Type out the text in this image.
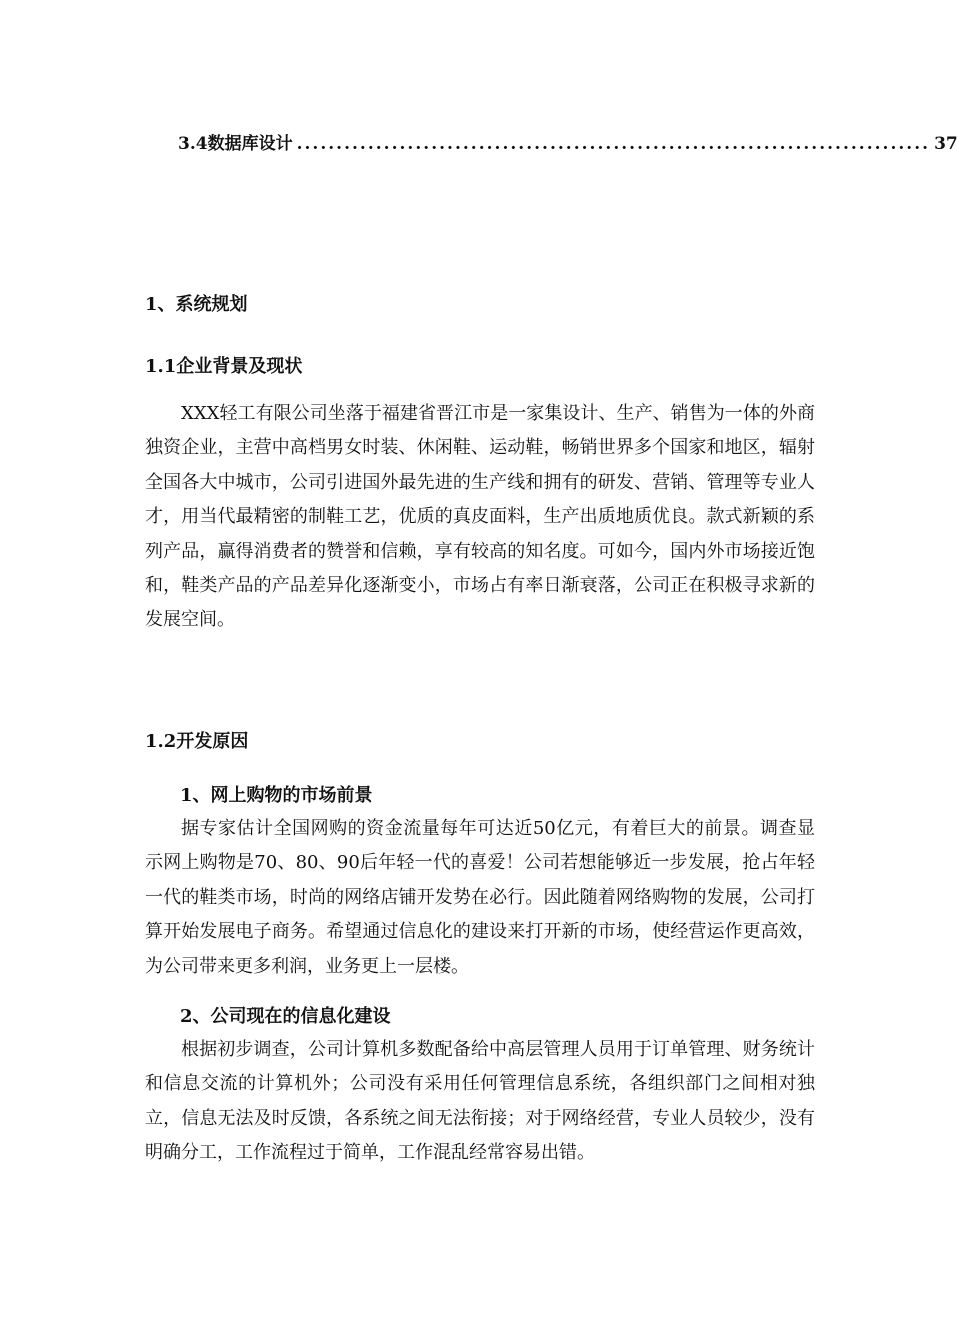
3.4数据库设计 ................................................................................ 37
1、系统规划
1.1企业背景及现状

XXX轻工有限公司坐落于福建省晋江市是一家集设计、生产、销售为一体的外商独资企业，主营中高档男女时装、休闲鞋、运动鞋，畅销世界多个国家和地区，辐射全国各大中城市，公司引进国外最先进的生产线和拥有的研发、营销、管理等专业人才，用当代最精密的制鞋工艺，优质的真皮面料，生产出质地质优良。款式新颖的系列产品，赢得消费者的赞誉和信赖，享有较高的知名度。可如今，国内外市场接近饱和，鞋类产品的产品差异化逐渐变小，市场占有率日渐衰落，公司正在积极寻求新的发展空间。

1.2开发原因
1、网上购物的市场前景

据专家估计全国网购的资金流量每年可达近50亿元，有着巨大的前景。调查显示网上购物是70、80、90后年轻一代的喜爱！公司若想能够近一步发展，抢占年轻一代的鞋类市场，时尚的网络店铺开发势在必行。因此随着网络购物的发展，公司打算开始发展电子商务。希望通过信息化的建设来打开新的市场，使经营运作更高效，为公司带来更多利润，业务更上一层楼。

2、公司现在的信息化建设

根据初步调查，公司计算机多数配备给中高层管理人员用于订单管理、财务统计和信息交流的计算机外；公司没有采用任何管理信息系统，各组织部门之间相对独立，信息无法及时反馈，各系统之间无法衔接；对于网络经营，专业人员较少，没有明确分工，工作流程过于简单，工作混乱经常容易出错。
